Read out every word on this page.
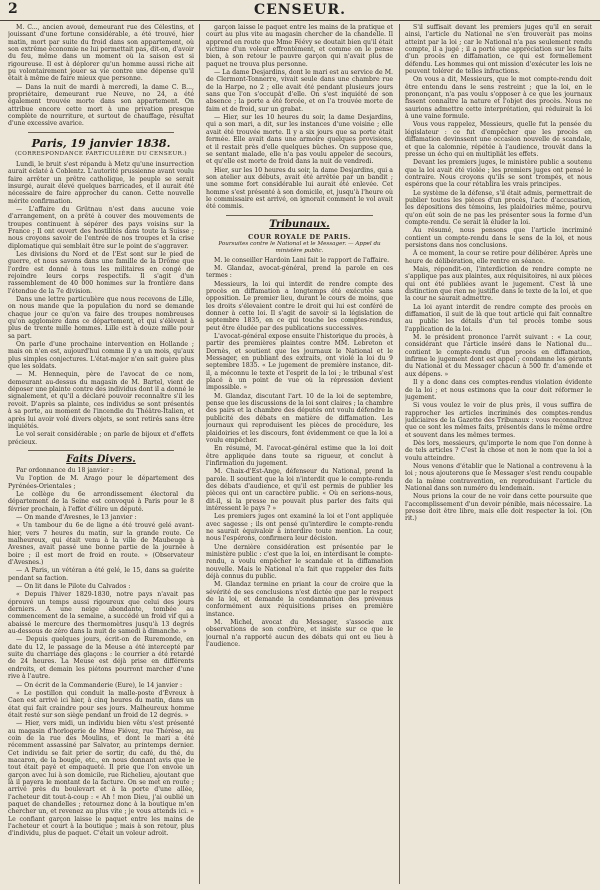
2	CENSEUR.

M. C..., ancien avoué, demeurant rue des Célestins, et jouissant d'une fortune considérable, a été trouvé, hier matin, mort par suite du froid dans son appartement, où son extrême économie ne lui permettait pas, dit-on, d'avoir du feu, même dans un moment où la saison est si rigoureuse. Il est à déplorer qu'un homme aussi riche ait pu volontairement jouer sa vie contre une dépense qu'il était à même de faire mieux que personne.

— Dans la nuit de mardi à mercredi, la dame C. B..., propriétaire, demeurant rue Neuve, no 24, a été également trouvée morte dans son appartement. On attribue encore cette mort à une privation presque complète de nourriture, et surtout de chauffage, résultat d'une excessive avarice.

Paris, 19 janvier 1838.
(CORRESPONDANCE PARTICULIÈRE DU CENSEUR.)

Lundi, le bruit s'est répandu à Metz qu'une insurrection aurait éclaté à Coblentz. L'autorité prussienne avant voulu faire arrêter un prêtre catholique, le peuple se serait insurgé, aurait élevé quelques barricades, et il aurait été nécessaire de faire approcher du canon. Cette nouvelle mérite confirmation.

— L'affaire du Grütnau n'est dans aucune voie d'arrangement, on a prêté à couver des mouvements de troupes continuent à sépérer des pays voisins sur la France ; Il ont ouvert des hostilités dans toute la Suisse ; nous croyons savoir de l'entrée de nos troupes et la crise diplomatique qui semblait être sur le point de s'aggraver.

Les divisions du Nord et de l'Est sont sur le pied de guerre, et nous savons dans une famille de la Drôme que l'ordre est donné à tous les militaires en congé de rejoindre leurs corps respectifs. Il s'agit d'un rassemblement de 40 000 hommes sur la frontière dans l'étendue de la 7e division.

Dans une lettre particulière que nous recevons de Lille, on nous mande que la population du nord se demande chaque jour ce qu'on va faire des troupes nombreuses qu'on agglomère dans ce département, et qui s'élèvent à plus de trente mille hommes. Lille est à douze mille pour sa part.

On parle d'une prochaine intervention en Hollande ; mais on n'en est, aujourd'hui comme il y a un mois, qu'aux plus simples conjectures. L'état-major n'en sait guère plus que les soldats.

— M. Hennequin, père de l'avocat de ce nom, demeurant au-dessus du magasin de M. Bartel, vient de déposer une plainte contre des individus dont il a donné le signalement, et qu'il a déclaré pouvoir reconnaître s'il les revoit. D'après sa plainte, ces individus se sont présentés à sa porte, au moment de l'incendie du Théâtre-Italien, et après lui avoir volé divers objets, se sont retirés sans être inquiétés.

Le vol serait considérable ; on parle de bijoux et d'effets précieux.

Faits Divers.

Par ordonnance du 18 janvier :

Vu l'option de M. Arago pour le département des Pyrénées-Orientales ;

Le collège du 6e arrondissement électoral du département de la Seine est convoqué à Paris pour le 8 février prochain, à l'effet d'élire un député.

— On mande d'Avesnes, le 13 janvier :

« Un tambour du 6e de ligne a été trouvé gelé avant-hier, vers 7 heures du matin, sur la grande route. Ce malheureux, qui était venu à la ville de Maubeuge à Avesnes, avait passé une bonne partie de la journée à boire ; il est mort de froid en route. » (Observateur d'Avesnes.)

— A Paris, un vétéran a été gelé, le 15, dans sa guérite pendant sa faction.

— On lit dans le Pilote du Calvados :

« Depuis l'hiver 1829-1830, notre pays n'avait pas éprouvé un temps aussi rigoureux que celui des jours derniers. A une neige abondante, tombée au commencement de la semaine, a succédé un froid vif qui a abaissé le mercure des thermomètres jusqu'à 13 degrés au-dessous de zéro dans la nuit de samedi à dimanche. »

— Depuis quelques jours, écrit-on de Ruremonde, en date du 12, le passage de la Meuse a été intercepté par suite du charriage des glaçons : le courrier a été retardé de 24 heures. La Meuse est déjà prise en différents endroits, et demain les piétons pourront marcher d'une rive à l'autre.

— On écrit de la Commanderie (Eure), le 14 janvier :

« Le postillon qui conduit la malle-poste d'Évreux à Caen est arrivé ici hier, à cinq heures du matin, dans un état qui fait craindre pour ses jours. Malheureux homme était resté sur son siège pendant un froid de 12 degrés. »

— Hier, vers midi, un individu bien vêtu s'est présenté au magasin d'horlogerie de Mme Fiévez, rue Thérèse, au coin de la rue des Moulins, et dont le mari a été récemment assassiné par Salvator, au printemps dernier. Cet individu se fait prier de sortir, du café, du thé, du macaron, de la bougie, etc., en nous donnant avis que le tout était payé et empaqueté. Il prie que l'on envoie un garçon avec lui à son domicile, rue Richelieu, ajoutant que là il payera le montant de la facture. On se met en route ; arrivé près du boulevart et à la porte d'une allée, l'acheteur dit tout-à-coup : « Ah ! mon Dieu, j'ai oublié un paquet de chandelles ; retournez donc à la boutique m'en chercher un, et revenez au plus vite ; je vous attends ici. » Le confiant garçon laisse le paquet entre les mains de l'acheteur et court à la boutique ; mais à son retour, plus d'individu, plus de paquet. C'était un voleur adroit.

garçon laisse le paquet entre les mains de la pratique et court au plus vite au magasin chercher de la chandelle. Il apprend en route que Mme Féévy se doutait bien qu'il était victime d'un voleur effrontément, et comme on le pense bien, à son retour le pauvre garçon qui n'avait plus de paquet ne trouva plus personne.

— La dame Desjardins, dont le mari est au service de M. de Clermont-Tonnerre, vivait seule dans une chambre rue de la Harpe, no 2 ; elle avait été pendant plusieurs jours sans que l'on s'occupât d'elle. On s'est inquiété de son absence ; la porte a été forcée, et on l'a trouvée morte de faim et de froid, sur un grabat.

— Hier, sur les 10 heures du soir, la dame Desjardins, qui a son mari, a dit, sur les instances d'une voisine ; elle avait été trouvée morte. Il y a six jours que sa porte était fermée. Elle avait dans une armoire quelques provisions, et il restait près d'elle quelques bûches. On suppose que, se sentant malade, elle n'a pas voulu appeler de secours, et qu'elle est morte de froid dans la nuit de vendredi.

Hier, sur les 10 heures du soir, la dame Desjardins, qui a son atelier aux débuts, avait été arrêtée par un bandit ; une somme fort considérable lui aurait été enlevée. Cet homme s'est présenté à son domicile, et, jusqu'à l'heure où le commissaire est arrivé, on ignorait comment le vol avait été commis.

Tribunaux.
COUR ROYALE DE PARIS.
Poursuites contre le National et le Messager. — Appel du ministère public.

M. le conseiller Hardoin Lani fait le rapport de l'affaire.

M. Glandaz, avocat-général, prend la parole en ces termes :

Messieurs, la loi qui interdit de rendre compte des procès en diffamation a longtemps été exécutée sans opposition. Le premier lieu, durant le cours de moins, que les droits s'élevaient contre le droit qui lui est conféré de donner à cette loi. Il s'agit de savoir si la législation de septembre 1835, en ce qui touche les comptes-rendus, peut être éludée par des publications successives.

L'avocat-général expose ensuite l'historique du procès, à partir des premières plaintes contre MM. Lebreton et Dornès, et soutient que les journaux le National et le Messager, en publiant des extraits, ont violé la loi du 9 septembre 1835. « Le jugement de première instance, dit-il, a méconnu le texte et l'esprit de la loi ; le tribunal s'est placé à un point de vue où la répression devient impossible. »

M. Glandaz, discutant l'art. 10 de la loi de septembre, pense que les discussions de la loi sont claires ; la chambre des pairs et la chambre des députés ont voulu défendre la publicité des débats en matière de diffamation. Les journaux qui reproduisent les pièces de procédure, les plaidoiries et les discours, font évidemment ce que la loi a voulu empêcher.

En résumé, M. l'avocat-général estime que la loi doit être appliquée dans toute sa rigueur, et conclut à l'infirmation du jugement.

M. Chaix-d'Est-Ange, défenseur du National, prend la parole. Il soutient que la loi n'interdit que le compte-rendu des débats d'audience, et qu'il est permis de publier les pièces qui ont un caractère public. « Où en serions-nous, dit-il, si la presse ne pouvait plus parler des faits qui intéressent le pays ? »

Les premiers juges ont examiné la loi et l'ont appliquée avec sagesse ; ils ont pensé qu'interdire le compte-rendu ne saurait équivaloir à interdire toute mention. La cour, nous l'espérons, confirmera leur décision.

Une dernière considération est présentée par le ministère public : c'est que la loi, en interdisant le compte-rendu, a voulu empêcher le scandale et la diffamation nouvelle. Mais le National n'a fait que rappeler des faits déjà connus du public.

M. Glandaz termine en priant la cour de croire que la sévérité de ses conclusions n'est dictée que par le respect de la loi, et demande la condamnation des prévenus conformément aux réquisitions prises en première instance.

M. Michel, avocat du Messager, s'associe aux observations de son confrère, et insiste sur ce que le journal n'a rapporté aucun des débats qui ont eu lieu à l'audience.

S'il suffisait devant les premiers juges qu'il en serait ainsi, l'article du National ne s'en trouverait pas moins atteint par la loi ; car le National n'a pas seulement rendu compte, il a jugé ; il a porté une appréciation sur les faits d'un procès en diffamation, ce qui est formellement défendu. Les hommes qui ont mission d'exécuter les lois ne peuvent tolérer de telles infractions.

On vous a dit, Messieurs, que le mot compte-rendu doit être entendu dans le sens restreint ; que la loi, en le prononçant, n'a pas voulu s'opposer à ce que les journaux fissent connaître la nature et l'objet des procès. Nous ne saurions admettre cette interprétation, qui réduirait la loi à une vaine formule.

Vous vous rappelez, Messieurs, quelle fut la pensée du législateur : ce fut d'empêcher que les procès en diffamation devinssent une occasion nouvelle de scandale, et que la calomnie, répétée à l'audience, trouvât dans la presse un écho qui en multipliât les effets.

Devant les premiers juges, le ministère public a soutenu que la loi avait été violée ; les premiers juges ont pensé le contraire. Nous croyons qu'ils se sont trompés, et nous espérons que la cour rétablira les vrais principes.

Le système de la défense, s'il était admis, permettrait de publier toutes les pièces d'un procès, l'acte d'accusation, les dépositions des témoins, les plaidoiries même, pourvu qu'on eût soin de ne pas les présenter sous la forme d'un compte-rendu. Ce serait là éluder la loi.

Au résumé, nous pensons que l'article incriminé contient un compte-rendu dans le sens de la loi, et nous persistons dans nos conclusions.

À ce moment, la cour se retire pour délibérer. Après une heure de délibération, elle rentre en séance.

Mais, répondit-on, l'interdiction de rendre compte ne s'applique pas aux plaintes, aux réquisitoires, ni aux pièces qui ont été publiées avant le jugement. C'est là une distinction que rien ne justifie dans le texte de la loi, et que la cour ne saurait admettre.

La loi ayant interdit de rendre compte des procès en diffamation, il suit de là que tout article qui fait connaître au public les détails d'un tel procès tombe sous l'application de la loi.

M. le président prononce l'arrêt suivant : « La cour, considérant que l'article inséré dans le National du... contient le compte-rendu d'un procès en diffamation, infirme le jugement dont est appel ; condamne les gérants du National et du Messager chacun à 500 fr. d'amende et aux dépens. »

Il y a donc dans ces comptes-rendus violation évidente de la loi ; et nous estimons que la cour doit réformer le jugement.

Si vous voulez le voir de plus près, il vous suffira de rapprocher les articles incriminés des comptes-rendus judiciaires de la Gazette des Tribunaux : vous reconnaîtrez que ce sont les mêmes faits, présentés dans le même ordre et souvent dans les mêmes termes.

Dès lors, messieurs, qu'importe le nom que l'on donne à de tels articles ? C'est la chose et non le nom que la loi a voulu atteindre.

Nous venons d'établir que le National a contrevenu à la loi ; nous ajouterons que le Messager s'est rendu coupable de la même contravention, en reproduisant l'article du National dans son numéro du lendemain.

Nous prions la cour de ne voir dans cette poursuite que l'accomplissement d'un devoir pénible, mais nécessaire. La presse doit être libre, mais elle doit respecter la loi. (On rit.)
